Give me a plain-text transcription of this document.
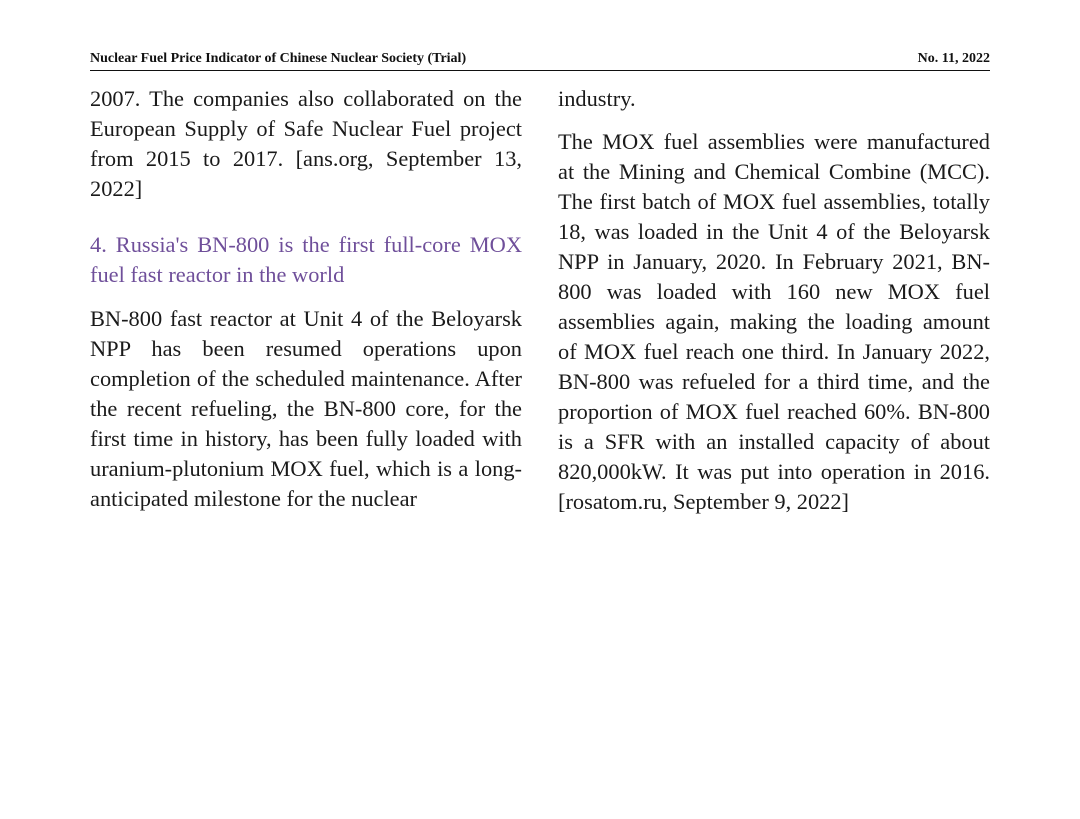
Nuclear Fuel Price Indicator of Chinese Nuclear Society (Trial)	No. 11, 2022

2007. The companies also collaborated on the European Supply of Safe Nuclear Fuel project from 2015 to 2017. [ans.org, September 13, 2022]

4. Russia's BN-800 is the first full-core MOX fuel fast reactor in the world

BN-800 fast reactor at Unit 4 of the Beloyarsk NPP has been resumed operations upon completion of the scheduled maintenance. After the recent refueling, the BN-800 core, for the first time in history, has been fully loaded with uranium-plutonium MOX fuel, which is a long-anticipated milestone for the nuclear

industry.

The MOX fuel assemblies were manufactured at the Mining and Chemical Combine (MCC). The first batch of MOX fuel assemblies, totally 18, was loaded in the Unit 4 of the Beloyarsk NPP in January, 2020. In February 2021, BN-800 was loaded with 160 new MOX fuel assemblies again, making the loading amount of MOX fuel reach one third. In January 2022, BN-800 was refueled for a third time, and the proportion of MOX fuel reached 60%. BN-800 is a SFR with an installed capacity of about 820,000kW. It was put into operation in 2016. [rosatom.ru, September 9, 2022]
